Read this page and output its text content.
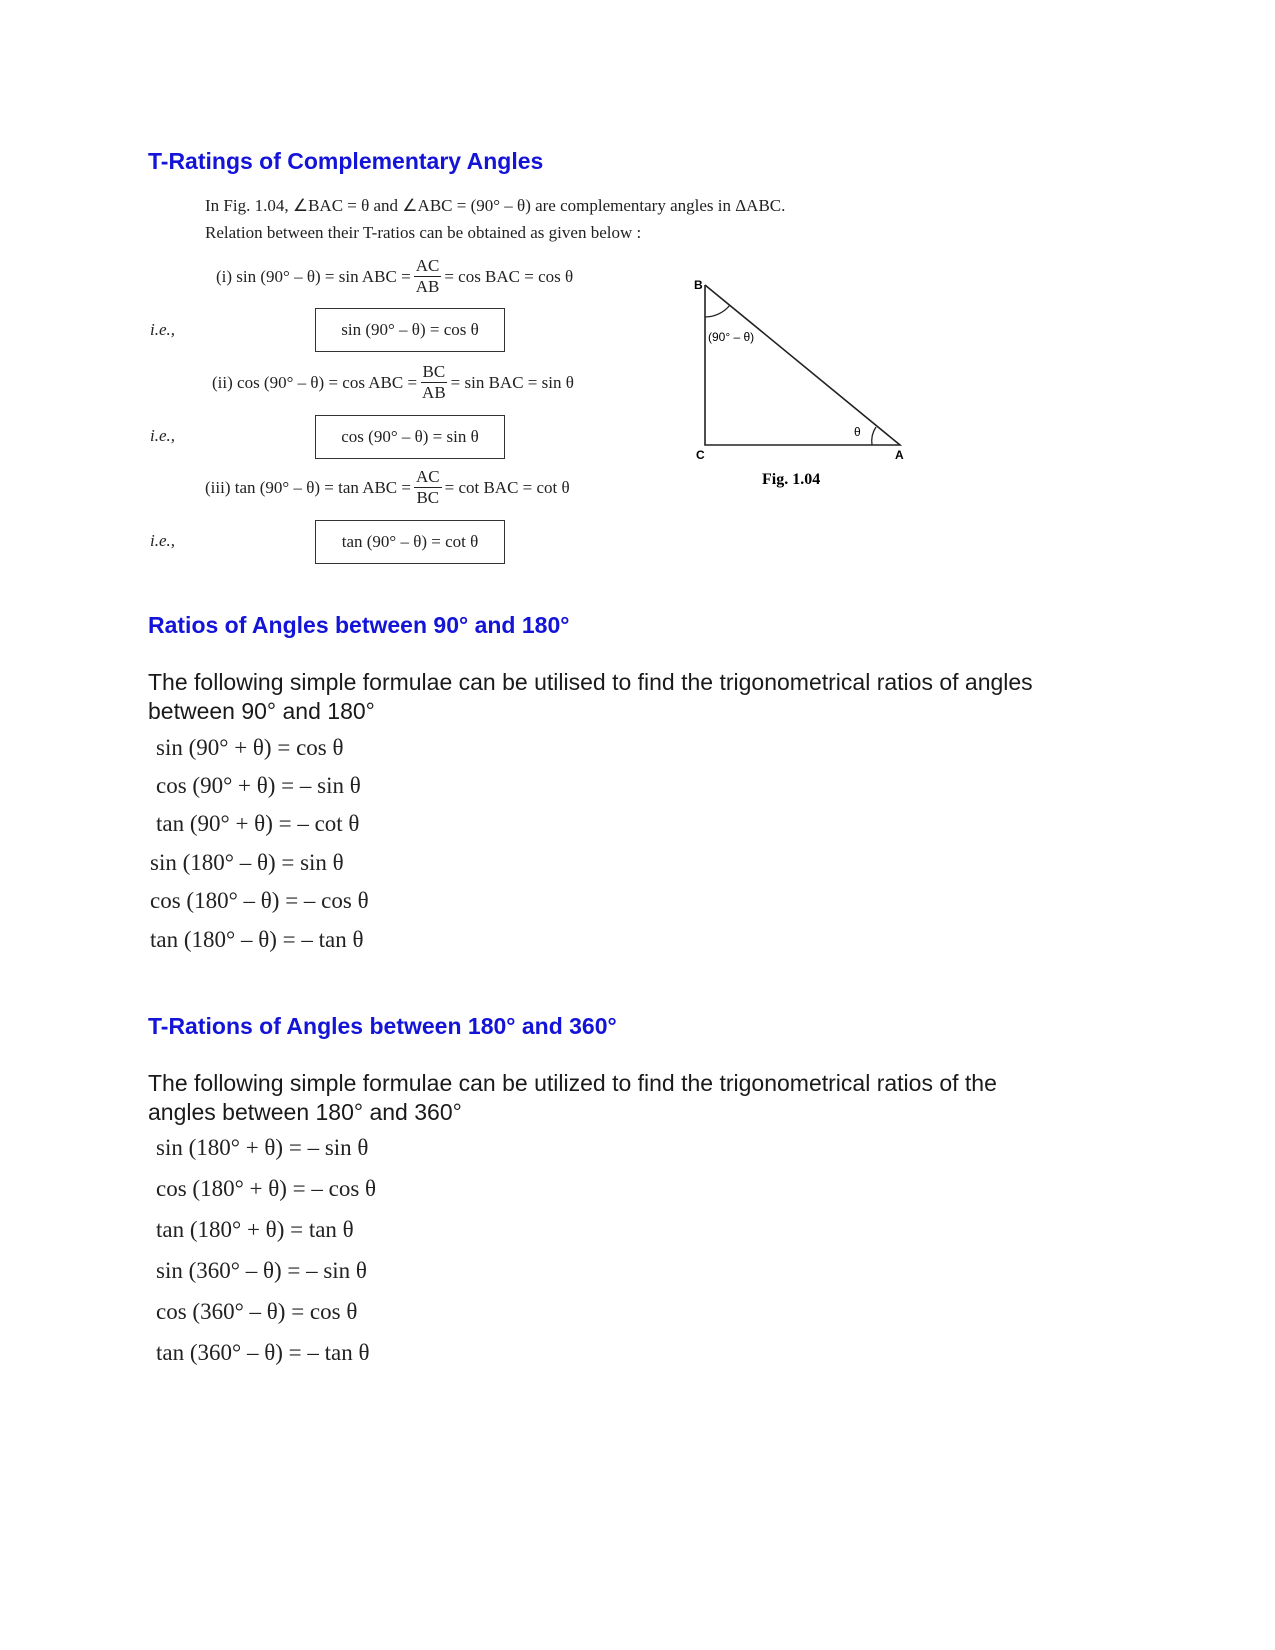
T-Ratings of Complementary Angles
In Fig. 1.04, ∠BAC = θ and ∠ABC = (90° – θ) are complementary angles in ΔABC.
Relation between their T-ratios can be obtained as given below :
(i) sin (90° – θ) = sin ABC = $\frac{AC}{AB} = \cos$ BAC = cos θ
i.e.,	sin (90° – θ) = cos θ
(ii) cos (90° – θ) = cos ABC = $\frac{BC}{AB} = \sin$ BAC = sin θ
i.e.,	cos (90° – θ) = sin θ
(iii) tan (90° – θ) = tan ABC = $\frac{AC}{BC} = \cot$ BAC = cot θ
i.e.,	tan (90° – θ) = cot θ
B
C	A
(90° – θ)
θ
Fig. 1.04
Ratios of Angles between 90° and 180°
The following simple formulae can be utilised to find the trigonometrical ratios of angles
between 90° and 180°
sin (90° + θ) = cos θ
cos (90° + θ) = – sin θ
tan (90° + θ) = – cot θ
sin (180° – θ) = sin θ
cos (180° – θ) = – cos θ
tan (180° – θ) = – tan θ
T-Rations of Angles between 180° and 360°
The following simple formulae can be utilized to find the trigonometrical ratios of the
angles between 180° and 360°
sin (180° + θ) = – sin θ
cos (180° + θ) = – cos θ
tan (180° + θ) = tan θ
sin (360° – θ) = – sin θ
cos (360° – θ) = cos θ
tan (360° – θ) = – tan θ
